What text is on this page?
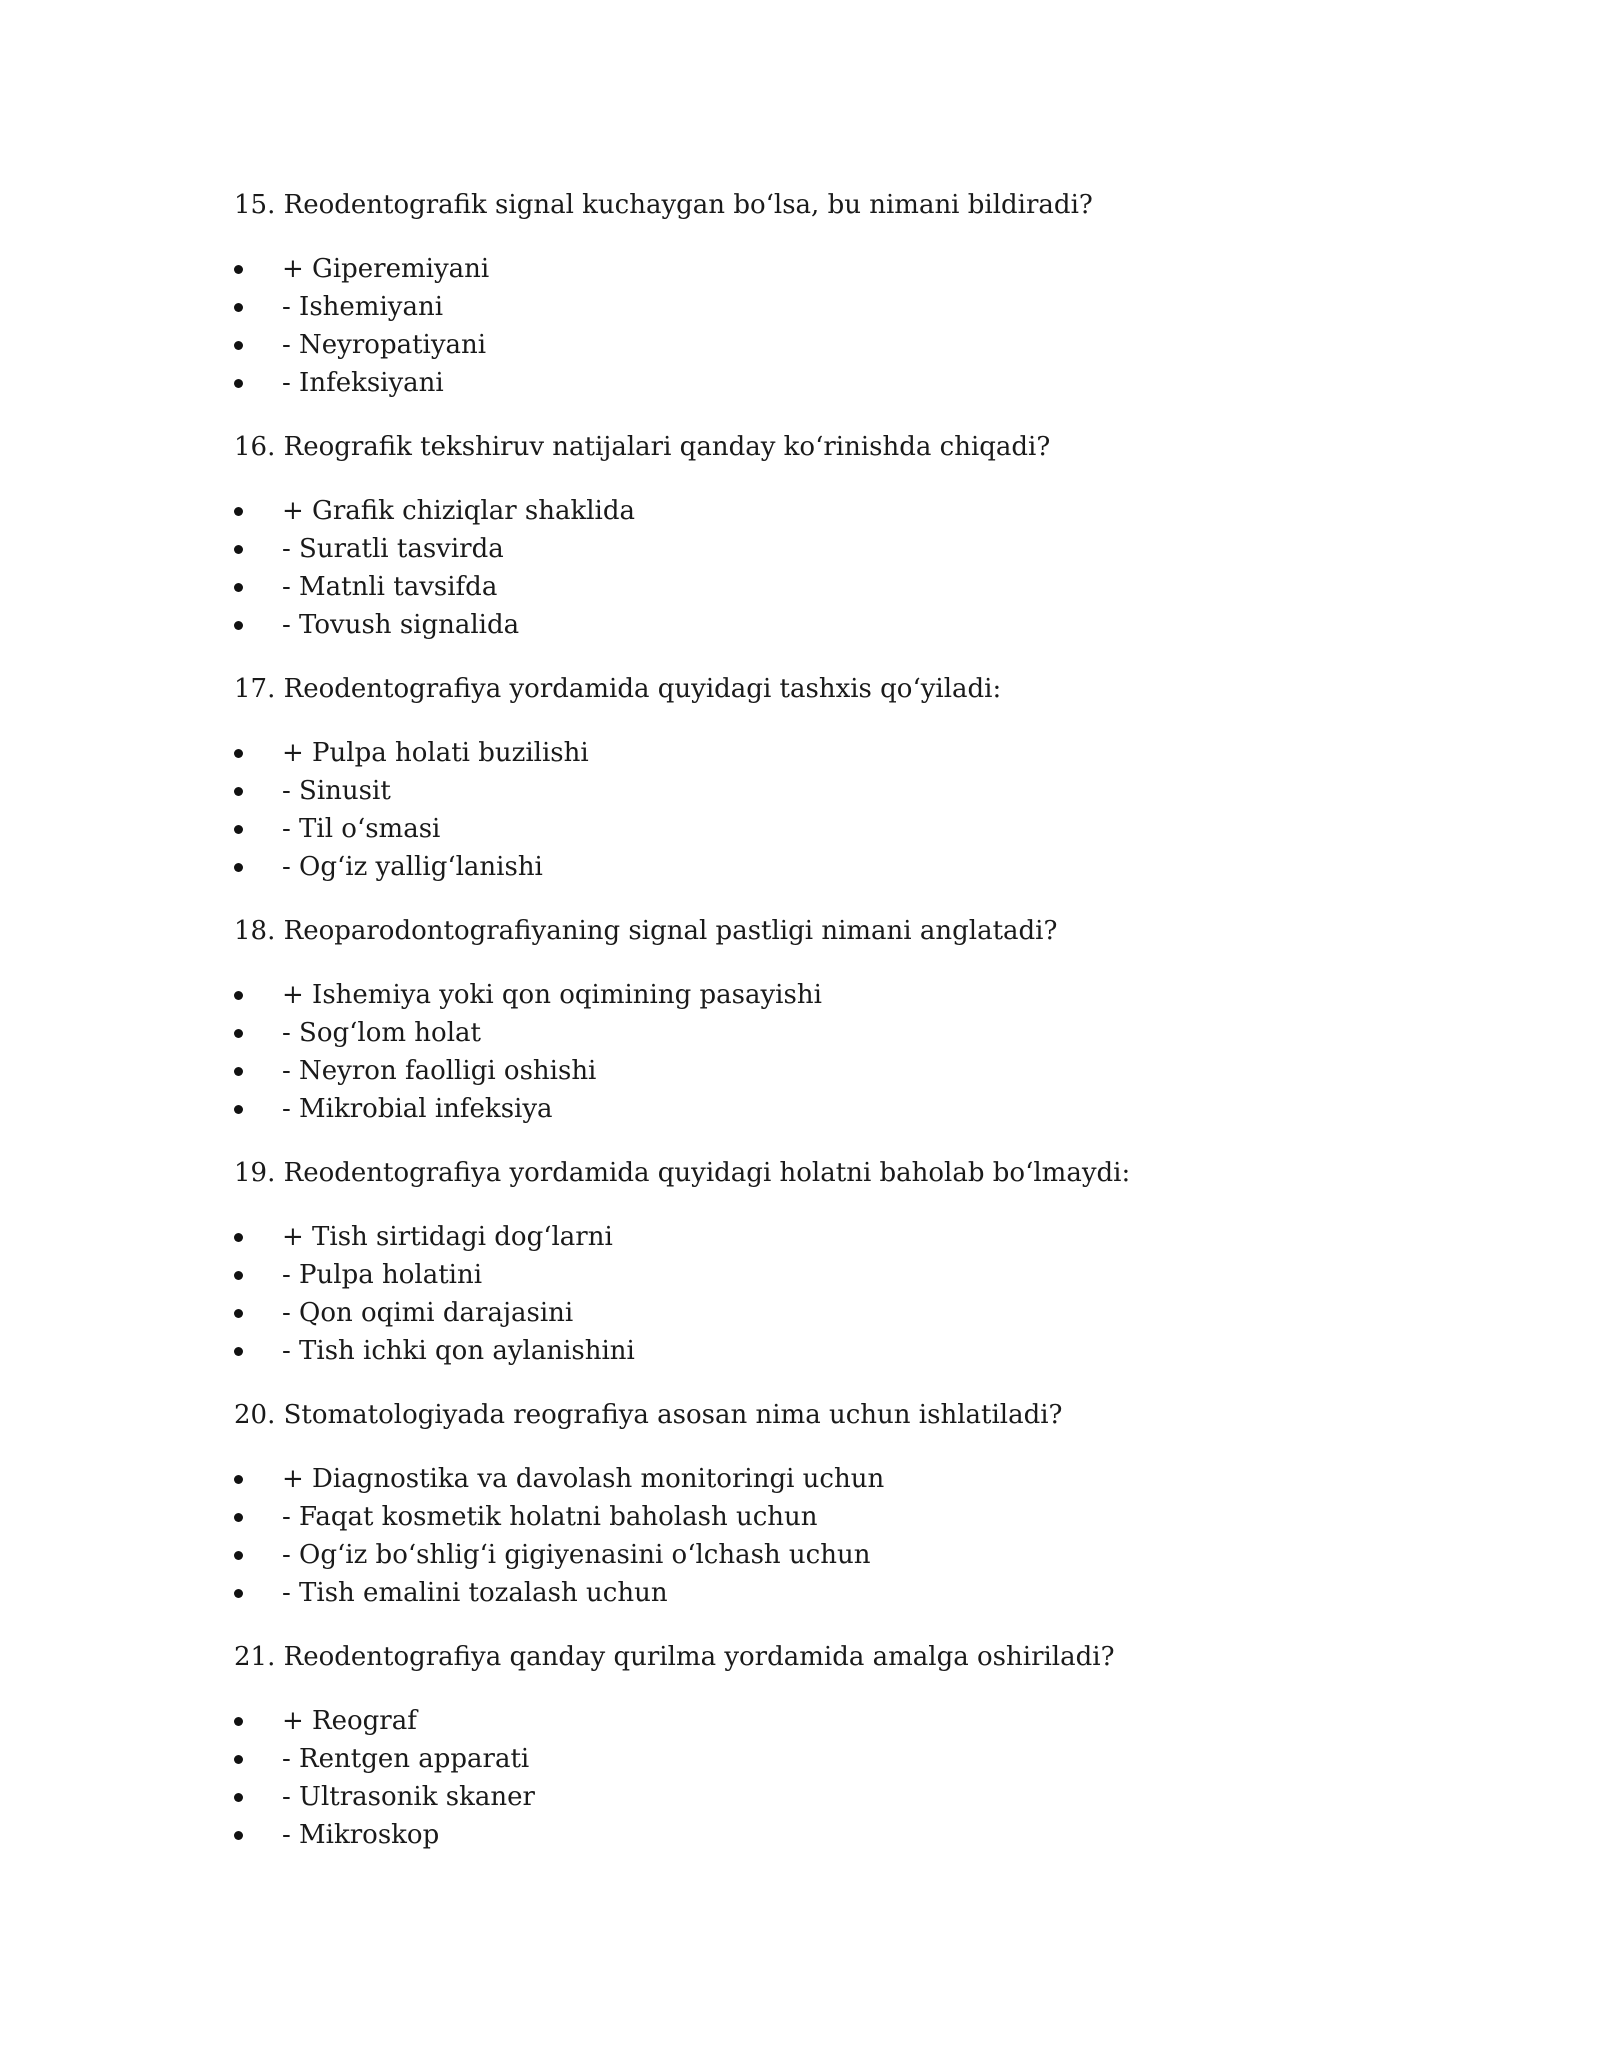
15. Reodentografik signal kuchaygan bo‘lsa, bu nimani bildiradi?
+ Giperemiyani
- Ishemiyani
- Neyropatiyani
- Infeksiyani
16. Reografik tekshiruv natijalari qanday ko‘rinishda chiqadi?
+ Grafik chiziqlar shaklida
- Suratli tasvirda
- Matnli tavsifda
- Tovush signalida
17. Reodentografiya yordamida quyidagi tashxis qo‘yiladi:
+ Pulpa holati buzilishi
- Sinusit
- Til o‘smasi
- Og‘iz yallig‘lanishi
18. Reoparodontografiyaning signal pastligi nimani anglatadi?
+ Ishemiya yoki qon oqimining pasayishi
- Sog‘lom holat
- Neyron faolligi oshishi
- Mikrobial infeksiya
19. Reodentografiya yordamida quyidagi holatni baholab bo‘lmaydi:
+ Tish sirtidagi dog‘larni
- Pulpa holatini
- Qon oqimi darajasini
- Tish ichki qon aylanishini
20. Stomatologiyada reografiya asosan nima uchun ishlatiladi?
+ Diagnostika va davolash monitoringi uchun
- Faqat kosmetik holatni baholash uchun
- Og‘iz bo‘shlig‘i gigiyenasini o‘lchash uchun
- Tish emalini tozalash uchun
21. Reodentografiya qanday qurilma yordamida amalga oshiriladi?
+ Reograf
- Rentgen apparati
- Ultrasonik skaner
- Mikroskop
